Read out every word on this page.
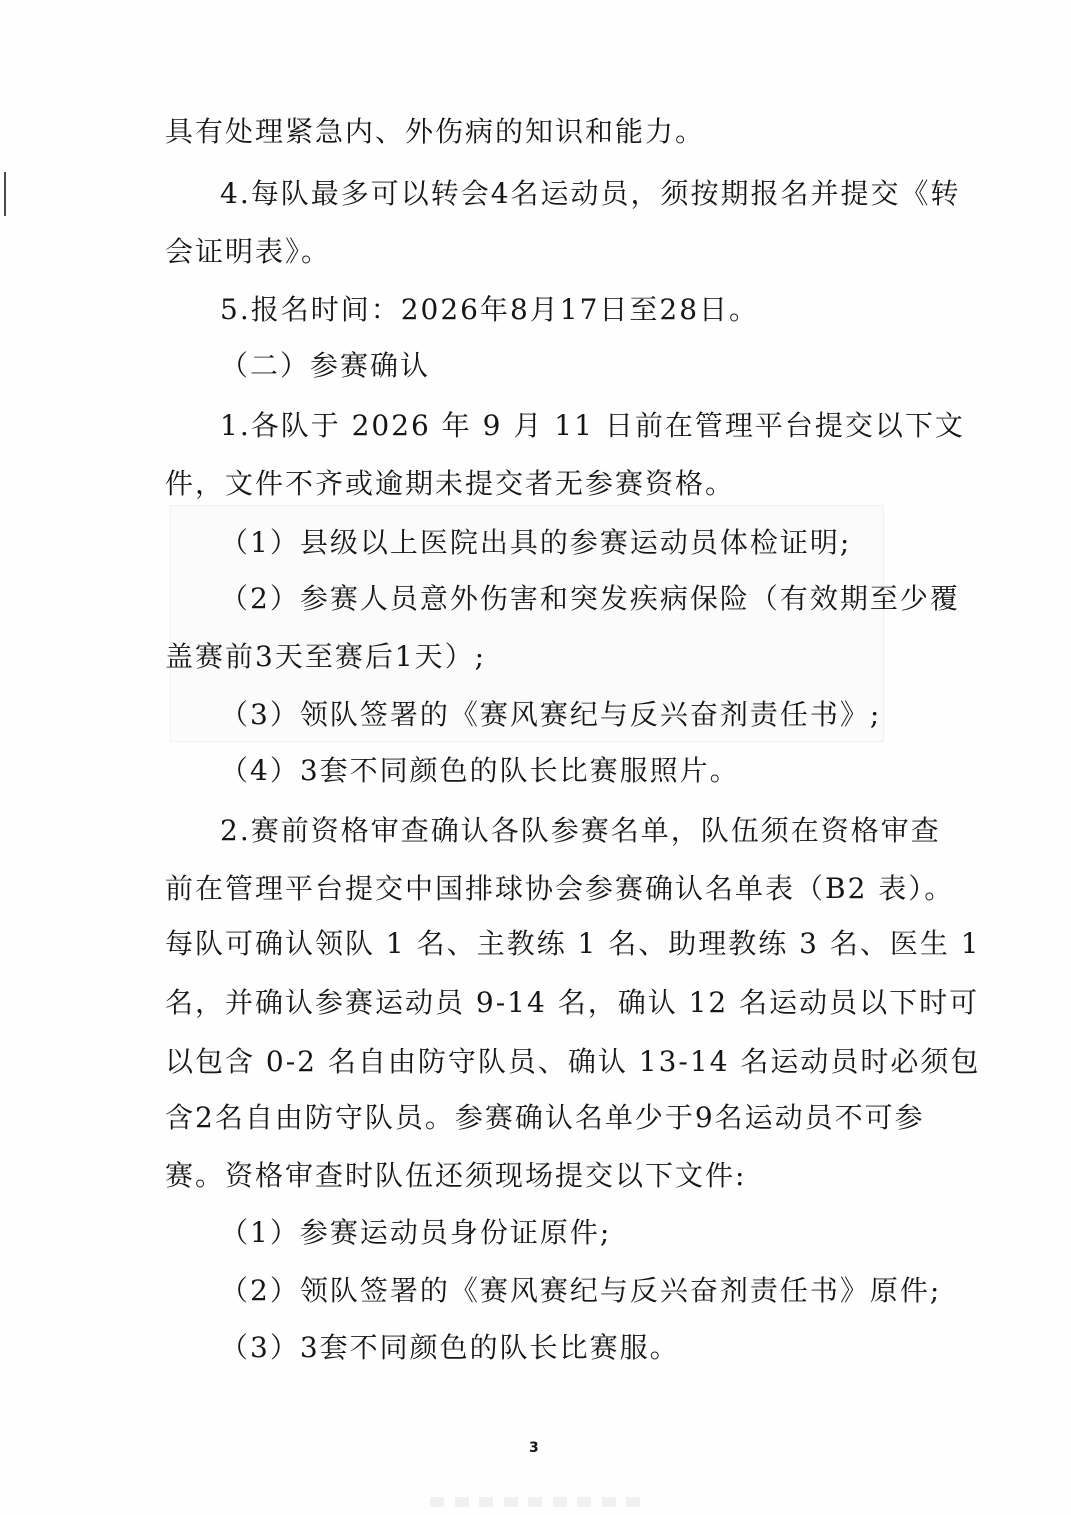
具有处理紧急内、外伤病的知识和能力。
4.每队最多可以转会4名运动员，须按期报名并提交《转
会证明表》。
5.报名时间：2026年8月17日至28日。
（二）参赛确认
1.各队于 2026 年 9 月 11 日前在管理平台提交以下文
件，文件不齐或逾期未提交者无参赛资格。
（1）县级以上医院出具的参赛运动员体检证明;
（2）参赛人员意外伤害和突发疾病保险（有效期至少覆
盖赛前3天至赛后1天）;
（3）领队签署的《赛风赛纪与反兴奋剂责任书》;
（4）3套不同颜色的队长比赛服照片。
2.赛前资格审查确认各队参赛名单，队伍须在资格审查
前在管理平台提交中国排球协会参赛确认名单表（B2 表）。
每队可确认领队 1 名、主教练 1 名、助理教练 3 名、医生 1
名，并确认参赛运动员 9-14 名，确认 12 名运动员以下时可
以包含 0-2 名自由防守队员、确认 13-14 名运动员时必须包
含2名自由防守队员。参赛确认名单少于9名运动员不可参
赛。资格审查时队伍还须现场提交以下文件:
（1）参赛运动员身份证原件;
（2）领队签署的《赛风赛纪与反兴奋剂责任书》原件;
（3）3套不同颜色的队长比赛服。
3
